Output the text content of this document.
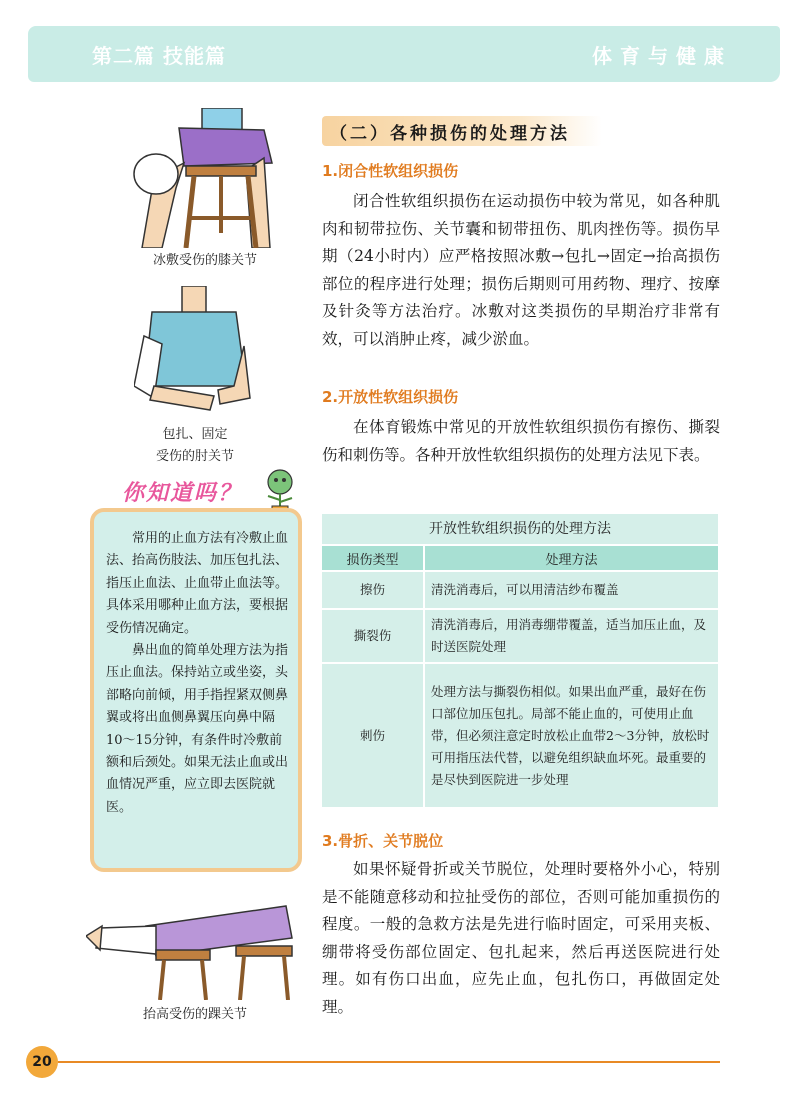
第二篇 技能篇	体育与健康
冰敷受伤的膝关节
包扎、固定
受伤的肘关节
你知道吗？

常用的止血方法有冷敷止血法、抬高伤肢法、加压包扎法、指压止血法、止血带止血法等。具体采用哪种止血方法，要根据受伤情况确定。

鼻出血的简单处理方法为指压止血法。保持站立或坐姿，头部略向前倾，用手指捏紧双侧鼻翼或将出血侧鼻翼压向鼻中隔10～15分钟，有条件时冷敷前额和后颈处。如果无法止血或出血情况严重，应立即去医院就医。

抬高受伤的踝关节
（二）各种损伤的处理方法
1.闭合性软组织损伤

闭合性软组织损伤在运动损伤中较为常见，如各种肌肉和韧带拉伤、关节囊和韧带扭伤、肌肉挫伤等。损伤早期（24小时内）应严格按照冰敷→包扎→固定→抬高损伤部位的程序进行处理；损伤后期则可用药物、理疗、按摩及针灸等方法治疗。冰敷对这类损伤的早期治疗非常有效，可以消肿止疼，减少淤血。

2.开放性软组织损伤

在体育锻炼中常见的开放性软组织损伤有擦伤、撕裂伤和刺伤等。各种开放性软组织损伤的处理方法见下表。

开放性软组织损伤的处理方法	
损伤类型	处理方法
擦伤	清洗消毒后，可以用清洁纱布覆盖
撕裂伤	清洗消毒后，用消毒绷带覆盖，适当加压止血，及时送医院处理
刺伤	处理方法与撕裂伤相似。如果出血严重，最好在伤口部位加压包扎。局部不能止血的，可使用止血带，但必须注意定时放松止血带2～3分钟，放松时可用指压法代替，以避免组织缺血坏死。最重要的是尽快到医院进一步处理
3.骨折、关节脱位

如果怀疑骨折或关节脱位，处理时要格外小心，特别是不能随意移动和拉扯受伤的部位，否则可能加重损伤的程度。一般的急救方法是先进行临时固定，可采用夹板、绷带将受伤部位固定、包扎起来，然后再送医院进行处理。如有伤口出血，应先止血，包扎伤口，再做固定处理。

20
